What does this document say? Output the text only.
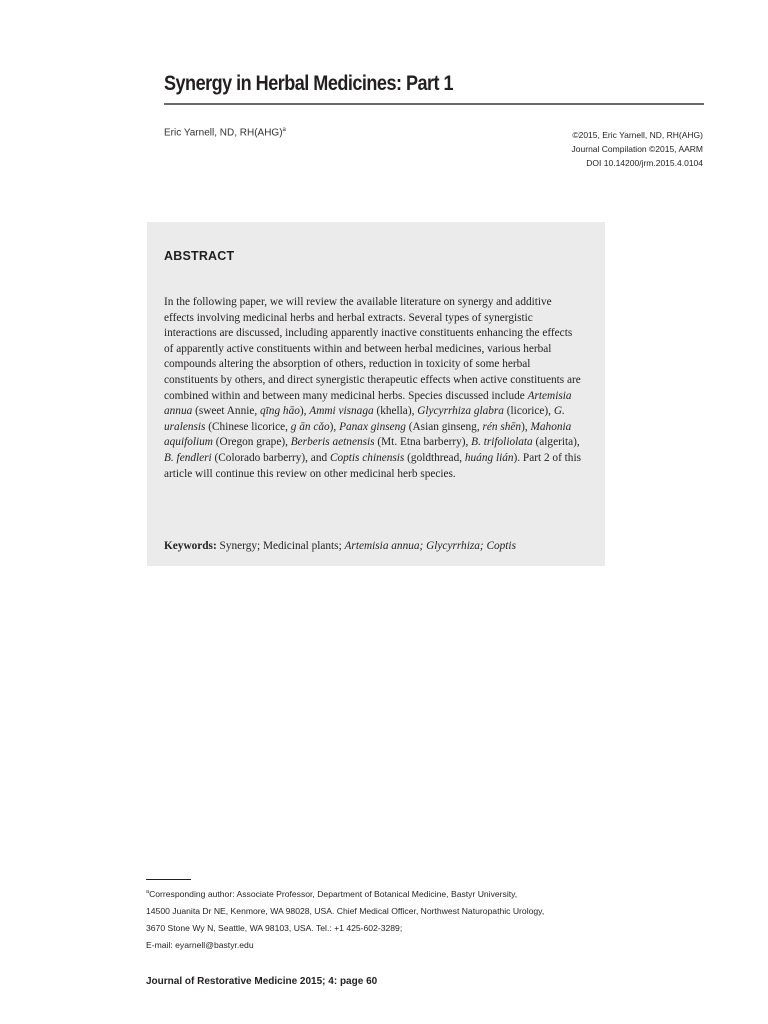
Synergy in Herbal Medicines: Part 1
Eric Yarnell, ND, RH(AHG)$^a$	©2015, Eric Yarnell, ND, RH(AHG)
Journal Compilation ©2015, AARM
DOI 10.14200/jrm.2015.4.0104
ABSTRACT

In the following paper, we will review the available literature on synergy and additive effects involving medicinal herbs and herbal extracts. Several types of synergistic interactions are discussed, including apparently inactive constituents enhancing the effects of apparently active constituents within and between herbal medicines, various herbal compounds altering the absorption of others, reduction in toxicity of some herbal constituents by others, and direct synergistic therapeutic effects when active constituents are combined within and between many medicinal herbs. Species discussed include Artemisia annua (sweet Annie, qīng hāo), Ammi visnaga (khella), Glycyrrhiza glabra (licorice), G. uralensis (Chinese licorice, g ān cǎo), Panax ginseng (Asian ginseng, rén shēn), Mahonia aquifolium (Oregon grape), Berberis aetnensis (Mt. Etna barberry), B. trifoliolata (algerita), B. fendleri (Colorado barberry), and Coptis chinensis (goldthread, huáng lián). Part 2 of this article will continue this review on other medicinal herb species.

Keywords: Synergy; Medicinal plants; Artemisia annua; Glycyrrhiza; Coptis

$^a$Corresponding author: Associate Professor, Department of Botanical Medicine, Bastyr University,
14500 Juanita Dr NE, Kenmore, WA 98028, USA. Chief Medical Officer, Northwest Naturopathic Urology,
3670 Stone Wy N, Seattle, WA 98103, USA. Tel.: +1 425-602-3289;
E-mail: eyarnell@bastyr.edu
Journal of Restorative Medicine 2015; 4: page 60
